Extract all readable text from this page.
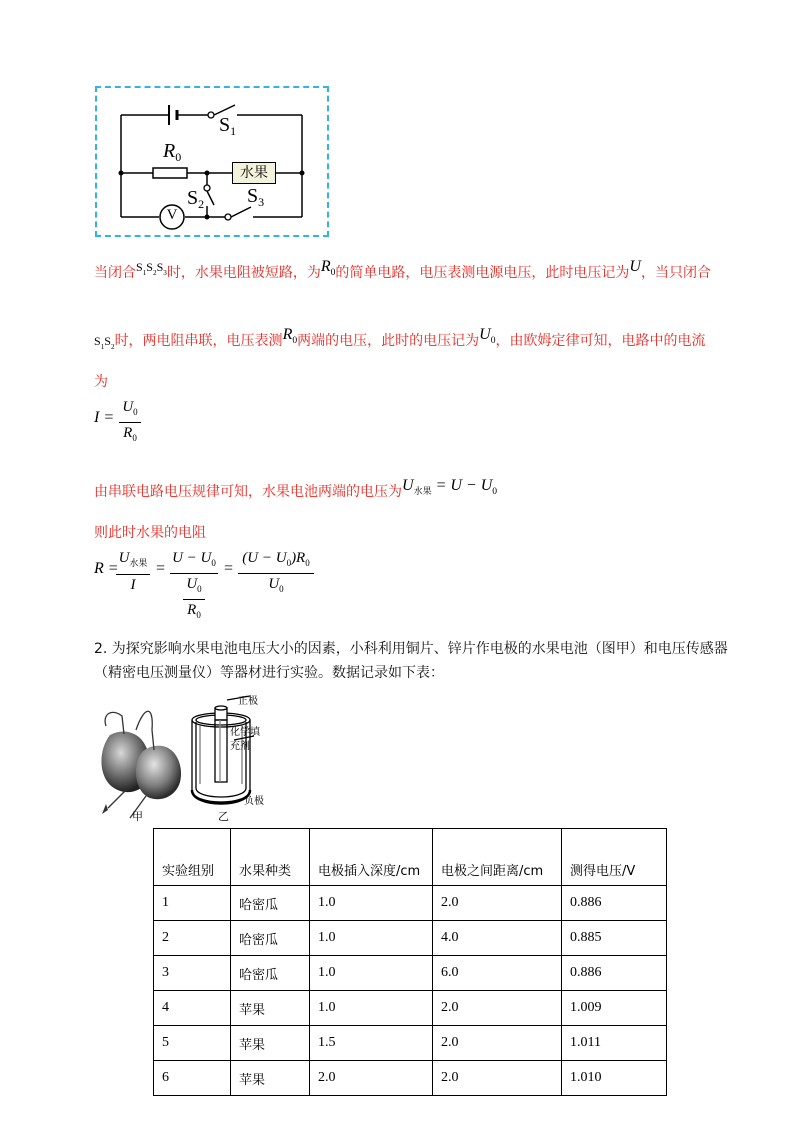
$S_1$
$R_0$
水果
$S_2$ $S_3$
V
当闭合$S_1S_2S_3$时，水果电阻被短路，为$R_0$的简单电路，电压表测电源电压，此时电压记为U，当只闭合
$S_1S_2$时，两电阻串联，电压表测$R_0$两端的电压，此时的电压记为$U_0$，由欧姆定律可知，电路中的电流
为
I =
$U_0$
$R_0$
由串联电路电压规律可知，水果电池两端的电压为$U_{水果} = U - U_0$
则此时水果的电阻
R =
$U_{水果}$
I
=
$U - U_0$
$U_0$
$R_0$
=
$(U - U_0)R_0$
$U_0$
2. 为探究影响水果电池电压大小的因素，小科利用铜片、锌片作电极的水果电池（图甲）和电压传感器
（精密电压测量仪）等器材进行实验。数据记录如下表：
甲
正极
化学填
充剂
负极
乙
实验组别	水果种类	电极插入深度/cm	电极之间距离/cm	测得电压/V
1	哈密瓜	1.0	2.0	0.886
2	哈密瓜	1.0	4.0	0.885
3	哈密瓜	1.0	6.0	0.886
4	苹果	1.0	2.0	1.009
5	苹果	1.5	2.0	1.011
6	苹果	2.0	2.0	1.010
